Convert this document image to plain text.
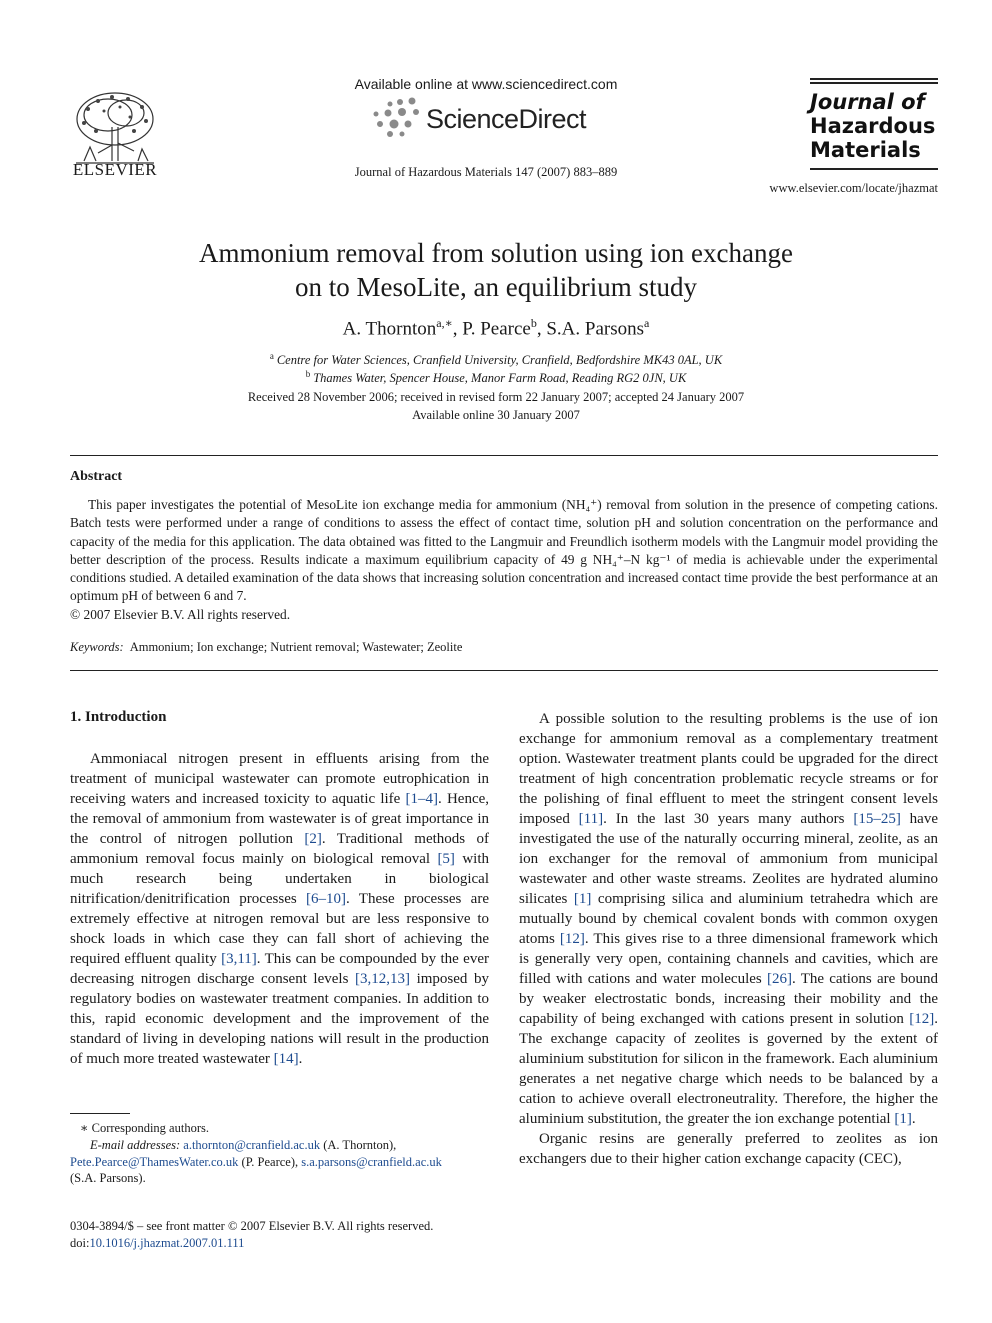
ELSEVIER
Available online at www.sciencedirect.com
ScienceDirect
Journal of Hazardous Materials 147 (2007) 883–889
Journal of
Hazardous
Materials
www.elsevier.com/locate/jhazmat
Ammonium removal from solution using ion exchange
on to MesoLite, an equilibrium study
A. Thornton$^{a,∗}$, P. Pearce$^b$, S.A. Parsons$^a$
$^a$ Centre for Water Sciences, Cranfield University, Cranfield, Bedfordshire MK43 0AL, UK
$^b$ Thames Water, Spencer House, Manor Farm Road, Reading RG2 0JN, UK
Received 28 November 2006; received in revised form 22 January 2007; accepted 24 January 2007
Available online 30 January 2007
Abstract
This paper investigates the potential of MesoLite ion exchange media for ammonium (NH₄⁺) removal from solution in the presence of competing cations. Batch tests were performed under a range of conditions to assess the effect of contact time, solution pH and solution concentration on the performance and capacity of the media for this application. The data obtained was fitted to the Langmuir and Freundlich isotherm models with the Langmuir model providing the better description of the process. Results indicate a maximum equilibrium capacity of 49 g NH₄⁺–N kg⁻¹ of media is achievable under the experimental conditions studied. A detailed examination of the data shows that increasing solution concentration and increased contact time provide the best performance at an optimum pH of between 6 and 7.
© 2007 Elsevier B.V. All rights reserved.
Keywords: Ammonium; Ion exchange; Nutrient removal; Wastewater; Zeolite
1. Introduction

Ammoniacal nitrogen present in effluents arising from the treatment of municipal wastewater can promote eutrophication in receiving waters and increased toxicity to aquatic life [1–4]. Hence, the removal of ammonium from wastewater is of great importance in the control of nitrogen pollution [2]. Traditional methods of ammonium removal focus mainly on biological removal [5] with much research being undertaken in biological nitrification/denitrification processes [6–10]. These processes are extremely effective at nitrogen removal but are less responsive to shock loads in which case they can fall short of achieving the required effluent quality [3,11]. This can be compounded by the ever decreasing nitrogen discharge consent levels [3,12,13] imposed by regulatory bodies on wastewater treatment companies. In addition to this, rapid economic development and the improvement of the standard of living in developing nations will result in the production of much more treated wastewater [14].

A possible solution to the resulting problems is the use of ion exchange for ammonium removal as a complementary treatment option. Wastewater treatment plants could be upgraded for the direct treatment of high concentration problematic recycle streams or for the polishing of final effluent to meet the stringent consent levels imposed [11]. In the last 30 years many authors [15–25] have investigated the use of the naturally occurring mineral, zeolite, as an ion exchanger for the removal of ammonium from municipal wastewater and other waste streams. Zeolites are hydrated alumino silicates [1] comprising silica and aluminium tetrahedra which are mutually bound by chemical covalent bonds with common oxygen atoms [12]. This gives rise to a three dimensional framework which is generally very open, containing channels and cavities, which are filled with cations and water molecules [26]. The cations are bound by weaker electrostatic bonds, increasing their mobility and the capability of being exchanged with cations present in solution [12]. The exchange capacity of zeolites is governed by the extent of aluminium substitution for silicon in the framework. Each aluminium generates a net negative charge which needs to be balanced by a cation to achieve overall electroneutrality. Therefore, the higher the aluminium substitution, the greater the ion exchange potential [1].

Organic resins are generally preferred to zeolites as ion exchangers due to their higher cation exchange capacity (CEC),

∗ Corresponding authors.
E-mail addresses: a.thornton@cranfield.ac.uk (A. Thornton),
Pete.Pearce@ThamesWater.co.uk (P. Pearce), s.a.parsons@cranfield.ac.uk
(S.A. Parsons).
0304-3894/$ – see front matter © 2007 Elsevier B.V. All rights reserved.
doi:10.1016/j.jhazmat.2007.01.111
